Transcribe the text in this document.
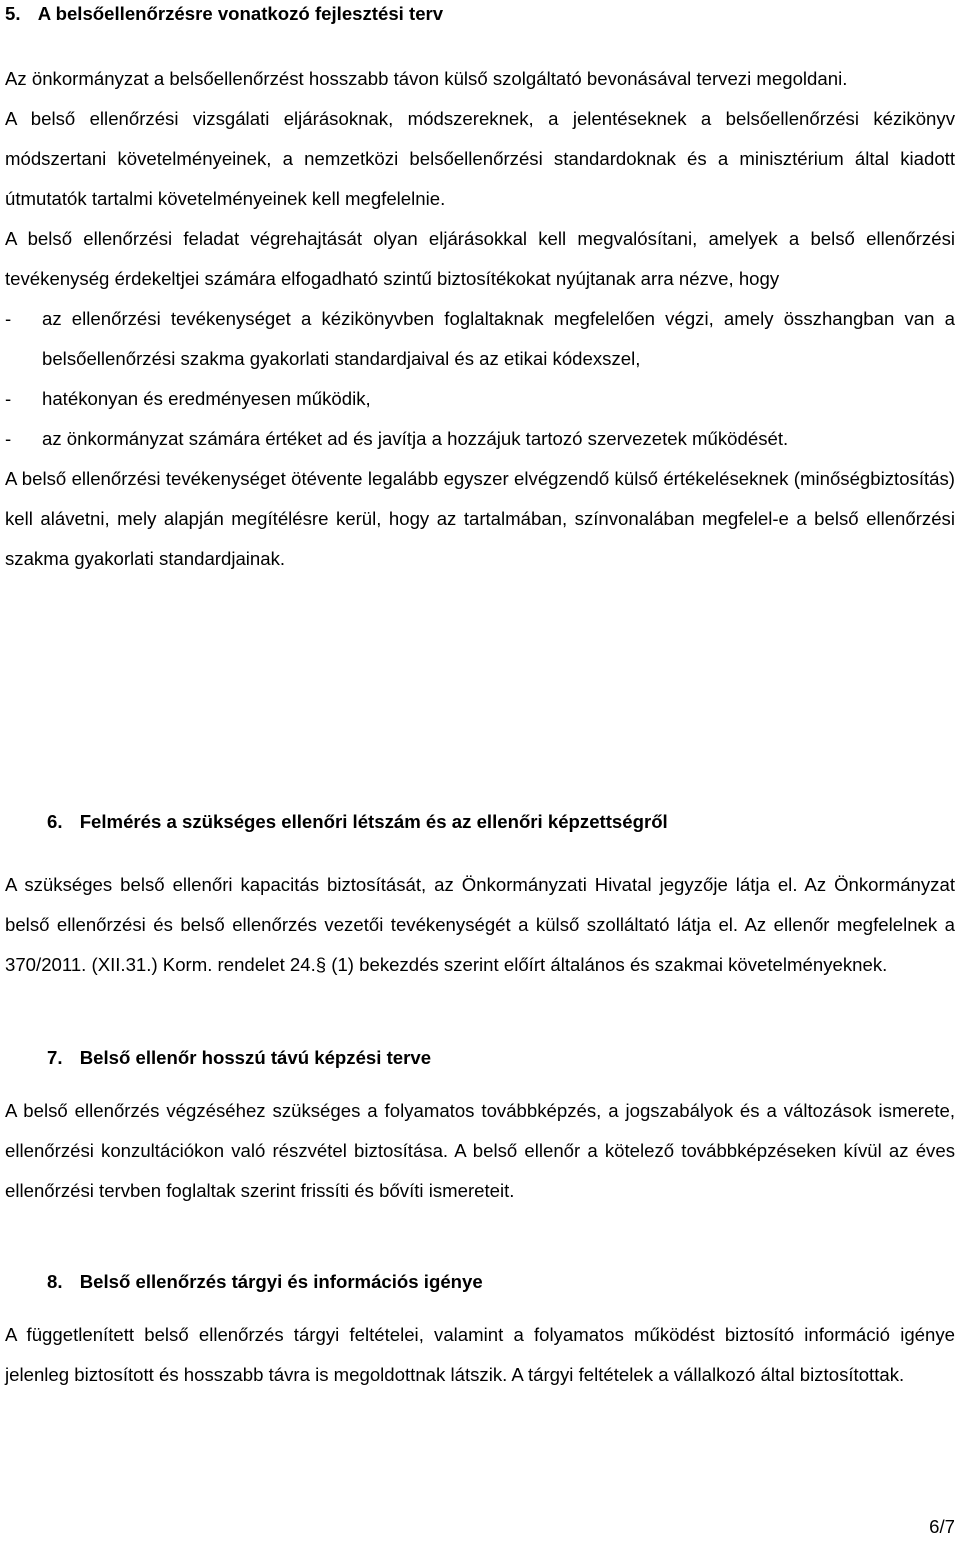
5. A belsőellenőrzésre vonatkozó fejlesztési terv

Az önkormányzat a belsőellenőrzést hosszabb távon külső szolgáltató bevonásával tervezi megoldani.

A belső ellenőrzési vizsgálati eljárásoknak, módszereknek, a jelentéseknek a belsőellenőrzési kézikönyv módszertani követelményeinek, a nemzetközi belsőellenőrzési standardoknak és a minisztérium által kiadott útmutatók tartalmi követelményeinek kell megfelelnie.

A belső ellenőrzési feladat végrehajtását olyan eljárásokkal kell megvalósítani, amelyek a belső ellenőrzési tevékenység érdekeltjei számára elfogadható szintű biztosítékokat nyújtanak arra nézve, hogy

- az ellenőrzési tevékenységet a kézikönyvben foglaltaknak megfelelően végzi, amely összhangban van a belsőellenőrzési szakma gyakorlati standardjaival és az etikai kódexszel,
- hatékonyan és eredményesen működik,
- az önkormányzat számára értéket ad és javítja a hozzájuk tartozó szervezetek működését.

A belső ellenőrzési tevékenységet ötévente legalább egyszer elvégzendő külső értékeléseknek (minőségbiztosítás) kell alávetni, mely alapján megítélésre kerül, hogy az tartalmában, színvonalában megfelel-e a belső ellenőrzési szakma gyakorlati standardjainak.

6. Felmérés a szükséges ellenőri létszám és az ellenőri képzettségről

A szükséges belső ellenőri kapacitás biztosítását, az Önkormányzati Hivatal jegyzője látja el. Az Önkormányzat belső ellenőrzési és belső ellenőrzés vezetői tevékenységét a külső szolláltató látja el. Az ellenőr megfelelnek a 370/2011. (XII.31.) Korm. rendelet 24.§ (1) bekezdés szerint előírt általános és szakmai követelményeknek.

7. Belső ellenőr hosszú távú képzési terve

A belső ellenőrzés végzéséhez szükséges a folyamatos továbbképzés, a jogszabályok és a változások ismerete, ellenőrzési konzultációkon való részvétel biztosítása. A belső ellenőr a kötelező továbbképzéseken kívül az éves ellenőrzési tervben foglaltak szerint frissíti és bővíti ismereteit.

8. Belső ellenőrzés tárgyi és információs igénye

A függetlenített belső ellenőrzés tárgyi feltételei, valamint a folyamatos működést biztosító információ igénye jelenleg biztosított és hosszabb távra is megoldottnak látszik. A tárgyi feltételek a vállalkozó által biztosítottak.

6/7
